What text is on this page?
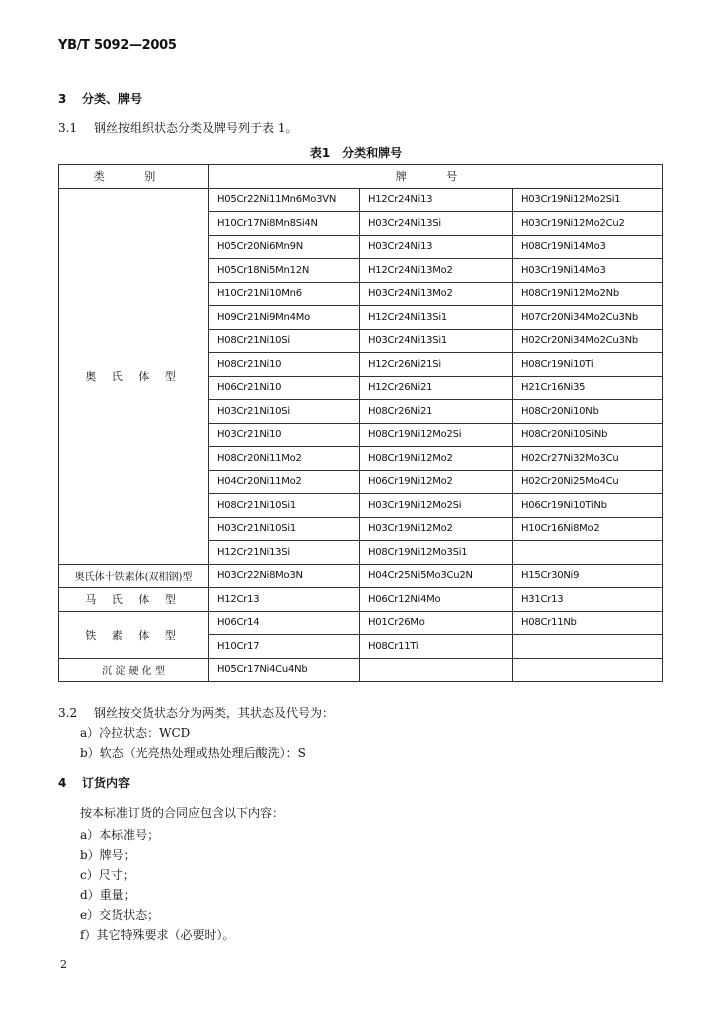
YB/T 5092—2005
3 分类、牌号
3.1 钢丝按组织状态分类及牌号列于表 1。
表1　分类和牌号
类 别	牌 号		
奥 氏 体 型	H05Cr22Ni11Mn6Mo3VN	H12Cr24Ni13	H03Cr19Ni12Mo2Si1
	H10Cr17Ni8Mn8Si4N	H03Cr24Ni13Si	H03Cr19Ni12Mo2Cu2
	H05Cr20Ni6Mn9N	H03Cr24Ni13	H08Cr19Ni14Mo3
	H05Cr18Ni5Mn12N	H12Cr24Ni13Mo2	H03Cr19Ni14Mo3
	H10Cr21Ni10Mn6	H03Cr24Ni13Mo2	H08Cr19Ni12Mo2Nb
	H09Cr21Ni9Mn4Mo	H12Cr24Ni13Si1	H07Cr20Ni34Mo2Cu3Nb
	H08Cr21Ni10Si	H03Cr24Ni13Si1	H02Cr20Ni34Mo2Cu3Nb
	H08Cr21Ni10	H12Cr26Ni21Si	H08Cr19Ni10Ti
	H06Cr21Ni10	H12Cr26Ni21	H21Cr16Ni35
	H03Cr21Ni10Si	H08Cr26Ni21	H08Cr20Ni10Nb
	H03Cr21Ni10	H08Cr19Ni12Mo2Si	H08Cr20Ni10SiNb
	H08Cr20Ni11Mo2	H08Cr19Ni12Mo2	H02Cr27Ni32Mo3Cu
	H04Cr20Ni11Mo2	H06Cr19Ni12Mo2	H02Cr20Ni25Mo4Cu
	H08Cr21Ni10Si1	H03Cr19Ni12Mo2Si	H06Cr19Ni10TiNb
	H03Cr21Ni10Si1	H03Cr19Ni12Mo2	H10Cr16Ni8Mo2
	H12Cr21Ni13Si	H08Cr19Ni12Mo3Si1	
奥氏体十铁素体(双相钢)型	H03Cr22Ni8Mo3N	H04Cr25Ni5Mo3Cu2N	H15Cr30Ni9
马 氏 体 型	H12Cr13	H06Cr12Ni4Mo	H31Cr13
铁 素 体 型	H06Cr14	H01Cr26Mo	H08Cr11Nb
	H10Cr17	H08Cr11Ti	
沉 淀 硬 化 型	H05Cr17Ni4Cu4Nb		
3.2 钢丝按交货状态分为两类，其状态及代号为：
a）冷拉状态：WCD
b）软态（光亮热处理或热处理后酸洗）：S
4 订货内容
按本标准订货的合同应包含以下内容：
a）本标准号；
b）牌号；
c）尺寸；
d）重量；
e）交货状态；
f）其它特殊要求（必要时）。
2
